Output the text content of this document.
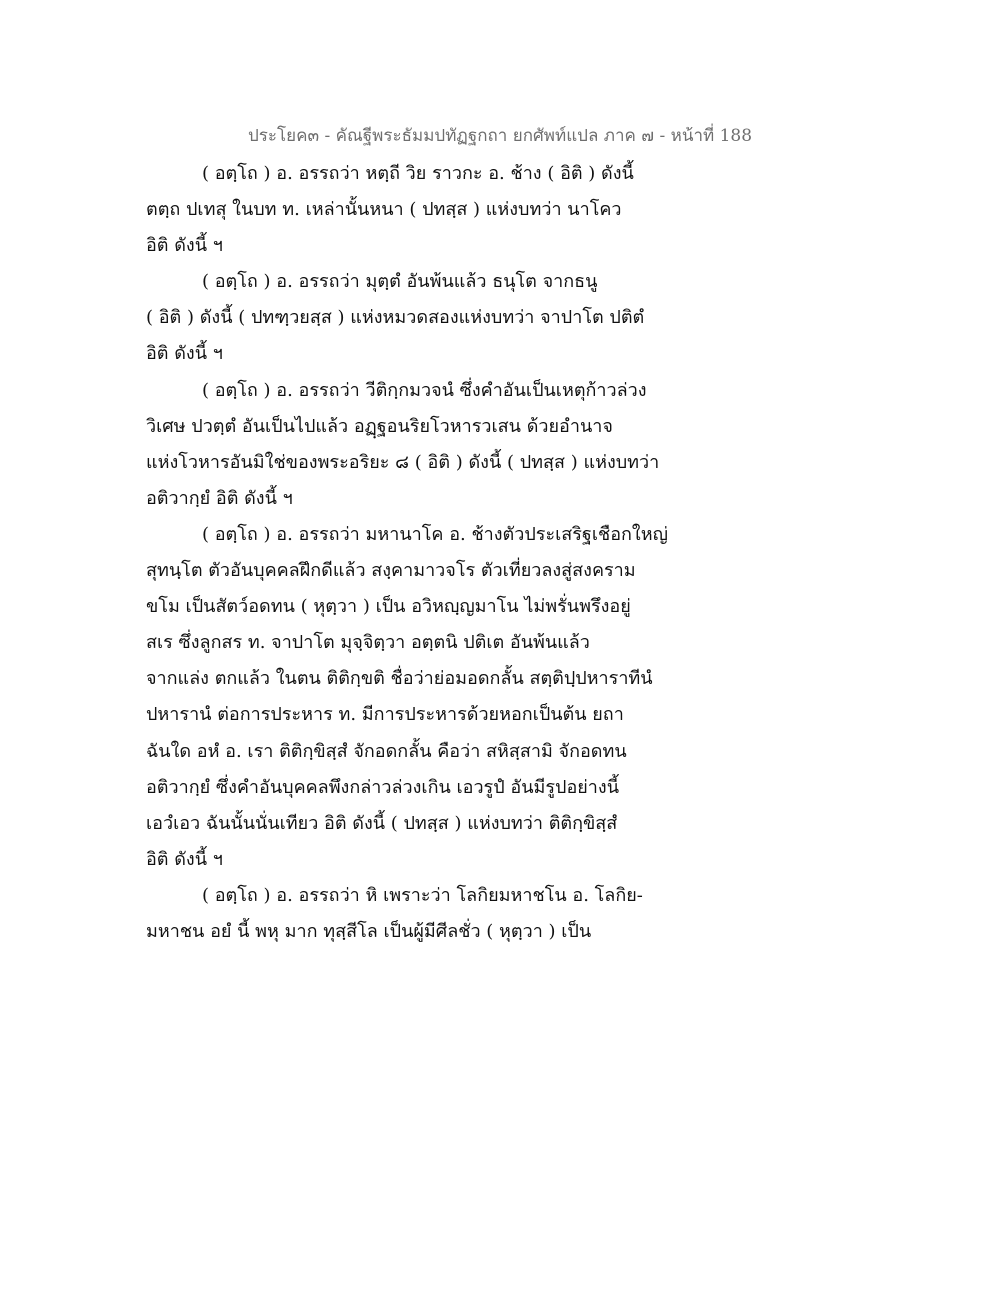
ประโยค๓ - คัณฐีพระธัมมปทัฏฐกถา ยกศัพท์แปล ภาค ๗ - หน้าที่ 188
( อตฺโถ ) อ. อรรถว่า หตฺถี วิย ราวกะ อ. ช้าง ( อิติ ) ดังนี้
ตตฺถ ปเทสุ ในบท ท. เหล่านั้นหนา ( ปทสฺส ) แห่งบทว่า นาโคว
อิติ ดังนี้ ฯ
( อตฺโถ ) อ. อรรถว่า มุตฺตํ อันพ้นแล้ว ธนุโต จากธนู
( อิติ ) ดังนี้ ( ปทฑฺวยสฺส ) แห่งหมวดสองแห่งบทว่า จาปาโต ปติตํ
อิติ ดังนี้ ฯ
( อตฺโถ ) อ. อรรถว่า วีติกฺกมวจนํ ซึ่งคำอันเป็นเหตุก้าวล่วง
วิเศษ ปวตฺตํ อันเป็นไปแล้ว อฏฺฐอนริยโวหารวเสน ด้วยอำนาจ
แห่งโวหารอันมิใช่ของพระอริยะ ๘ ( อิติ ) ดังนี้ ( ปทสฺส ) แห่งบทว่า
อติวากฺยํ อิติ ดังนี้ ฯ
( อตฺโถ ) อ. อรรถว่า มหานาโค อ. ช้างตัวประเสริฐเชือกใหญ่
สุทนฺโต ตัวอันบุคคลฝึกดีแล้ว สงฺคามาวจโร ตัวเที่ยวลงสู่สงคราม
ขโม เป็นสัตว์อดทน ( หุตฺวา ) เป็น อวิหญฺญมาโน ไม่พรั่นพรึงอยู่
สเร ซึ่งลูกสร ท. จาปาโต มุจฺจิตฺวา อตฺตนิ ปติเต อันพ้นแล้ว
จากแล่ง ตกแล้ว ในตน ติติกฺขติ ชื่อว่าย่อมอดกลั้น สตฺติปฺปหาราทีนํ
ปหารานํ ต่อการประหาร ท. มีการประหารด้วยหอกเป็นต้น ยถา
ฉันใด อหํ อ. เรา ติติกฺขิสฺสํ จักอดกลั้น คือว่า สหิสฺสามิ จักอดทน
อติวากฺยํ ซึ่งคำอันบุคคลพึงกล่าวล่วงเกิน เอวรูปํ อันมีรูปอย่างนี้
เอวํเอว ฉันนั้นนั่นเทียว อิติ ดังนี้ ( ปทสฺส ) แห่งบทว่า ติติกฺขิสฺสํ
อิติ ดังนี้ ฯ
( อตฺโถ ) อ. อรรถว่า หิ เพราะว่า โลกิยมหาชโน อ. โลกิย-
มหาชน อยํ นี้ พหุ มาก ทุสฺสีโล เป็นผู้มีศีลชั่ว ( หุตฺวา ) เป็น
